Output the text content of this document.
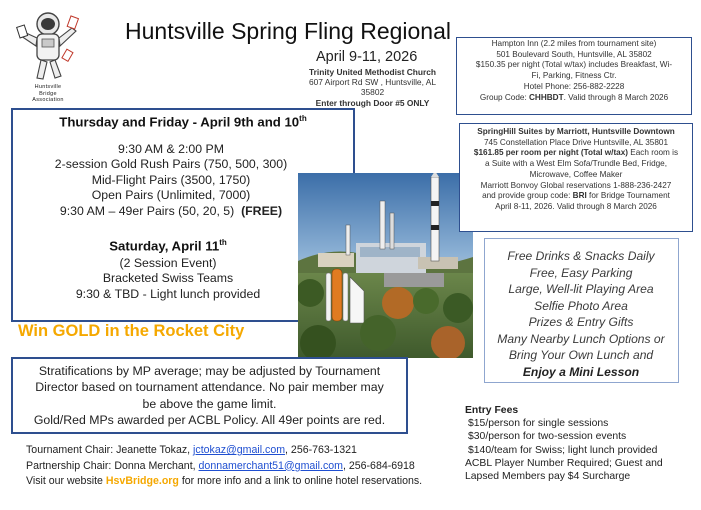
Huntsville
Bridge
Association
Huntsville Spring Fling Regional
April 9-11, 2026
Trinity United Methodist Church
607 Airport Rd SW , Huntsville, AL 35802
Enter through Door #5 ONLY
Thursday and Friday - April 9th and 10th
9:30 AM & 2:00 PM
2-session Gold Rush Pairs (750, 500, 300)
Mid-Flight Pairs (3500, 1750)
Open Pairs (Unlimited, 7000)
9:30 AM – 49er Pairs (50, 20, 5) (FREE)
Saturday, April 11th
(2 Session Event)
Bracketed Swiss Teams
9:30 & TBD - Light lunch provided
Win GOLD in the Rocket City
Stratifications by MP average; may be adjusted by Tournament
Director based on tournament attendance. No pair member may
be above the game limit.
Gold/Red MPs awarded per ACBL Policy. All 49er points are red.
Tournament Chair: Jeanette Tokaz, jctokaz@gmail.com, 256-763-1321
Partnership Chair: Donna Merchant, donnamerchant51@gmail.com, 256-684-6918
Visit our website HsvBridge.org for more info and a link to online hotel reservations.
Hampton Inn (2.2 miles from tournament site)
501 Boulevard South, Huntsville, AL 35802
$150.35 per night (Total w/tax) includes Breakfast, Wi-
Fi, Parking, Fitness Ctr.
Hotel Phone: 256-882-2228
Group Code: CHHBDT. Valid through 8 March 2026
SpringHill Suites by Marriott, Huntsville Downtown
745 Constellation Place Drive Huntsville, AL 35801
$161.85 per room per night (Total w/tax) Each room is
a Suite with a West Elm Sofa/Trundle Bed, Fridge,
Microwave, Coffee Maker
Marriott Bonvoy Global reservations 1-888-236-2427
and provide group code: BRI for Bridge Tournament
April 8-11, 2026. Valid through 8 March 2026
Free Drinks & Snacks Daily
Free, Easy Parking
Large, Well-lit Playing Area
Selfie Photo Area
Prizes & Entry Gifts
Many Nearby Lunch Options or
Bring Your Own Lunch and
Enjoy a Mini Lesson
Entry Fees
$15/person for single sessions
$30/person for two-session events
$140/team for Swiss; light lunch provided
ACBL Player Number Required; Guest and
Lapsed Members pay $4 Surcharge
